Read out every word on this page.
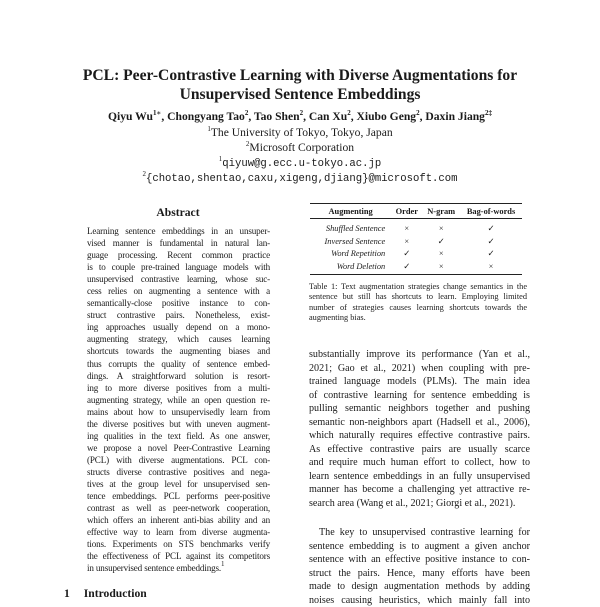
PCL: Peer-Contrastive Learning with Diverse Augmentations for
Unsupervised Sentence Embeddings
Qiyu $Wu^{1∗}$, Chongyang Tao$^2$, Tao Shen$^2$, Can Xu$^2$, Xiubo Geng$^2$, Daxin Jiang$^{2\ddagger}$
$^1$The University of Tokyo, Tokyo, Japan
$^2$Microsoft Corporation
$^1$qiyuw@g.ecc.u-tokyo.ac.jp
$^2${chotao,shentao,caxu,xigeng,djiang}@microsoft.com
Abstract
Learning sentence embeddings in an unsuper-
vised manner is fundamental in natural lan-
guage processing. Recent common practice
is to couple pre-trained language models with
unsupervised contrastive learning, whose suc-
cess relies on augmenting a sentence with a
semantically-close positive instance to con-
struct contrastive pairs. Nonetheless, exist-
ing approaches usually depend on a mono-
augmenting strategy, which causes learning
shortcuts towards the augmenting biases and
thus corrupts the quality of sentence embed-
dings. A straightforward solution is resort-
ing to more diverse positives from a multi-
augmenting strategy, while an open question re-
mains about how to unsupervisedly learn from
the diverse positives but with uneven augment-
ing qualities in the text field. As one answer,
we propose a novel Peer-Contrastive Learning
(PCL) with diverse augmentations. PCL con-
structs diverse contrastive positives and nega-
tives at the group level for unsupervised sen-
tence embeddings. PCL performs peer-positive
contrast as well as peer-network cooperation,
which offers an inherent anti-bias ability and an
effective way to learn from diverse augmenta-
tions. Experiments on STS benchmarks verify
the effectiveness of PCL against its competitors
in unsupervised sentence embeddings.$^1$
1 Introduction
Augmenting	Order	N-gram	Bag-of-words

Shuffled Sentence	×	×	✓
Inversed Sentence	×	✓	✓
Word Repetition	✓	×	✓
Word Deletion	✓	×	×
Table 1: Text augmentation strategies change semantics in the sentence but still has shortcuts to learn. Employing limited number of strategies causes learning shortcuts towards the augmenting bias.
substantially improve its performance (Yan et al.,
2021; Gao et al., 2021) when coupling with pre-
trained language models (PLMs). The main idea
of contrastive learning for sentence embedding is
pulling semantic neighbors together and pushing
semantic non-neighbors apart (Hadsell et al., 2006),
which naturally requires effective contrastive pairs.
As effective contrastive pairs are usually scarce
and require much human effort to collect, how to
learn sentence embeddings in an fully unsupervised
manner has become a challenging yet attractive re-
search area (Wang et al., 2021; Giorgi et al., 2021).
The key to unsupervised contrastive learning for
sentence embedding is to augment a given anchor
sentence with an effective positive instance to con-
struct the pairs. Hence, many efforts have been
made to design augmentation methods by adding
noises causing heuristics, which mainly fall into
